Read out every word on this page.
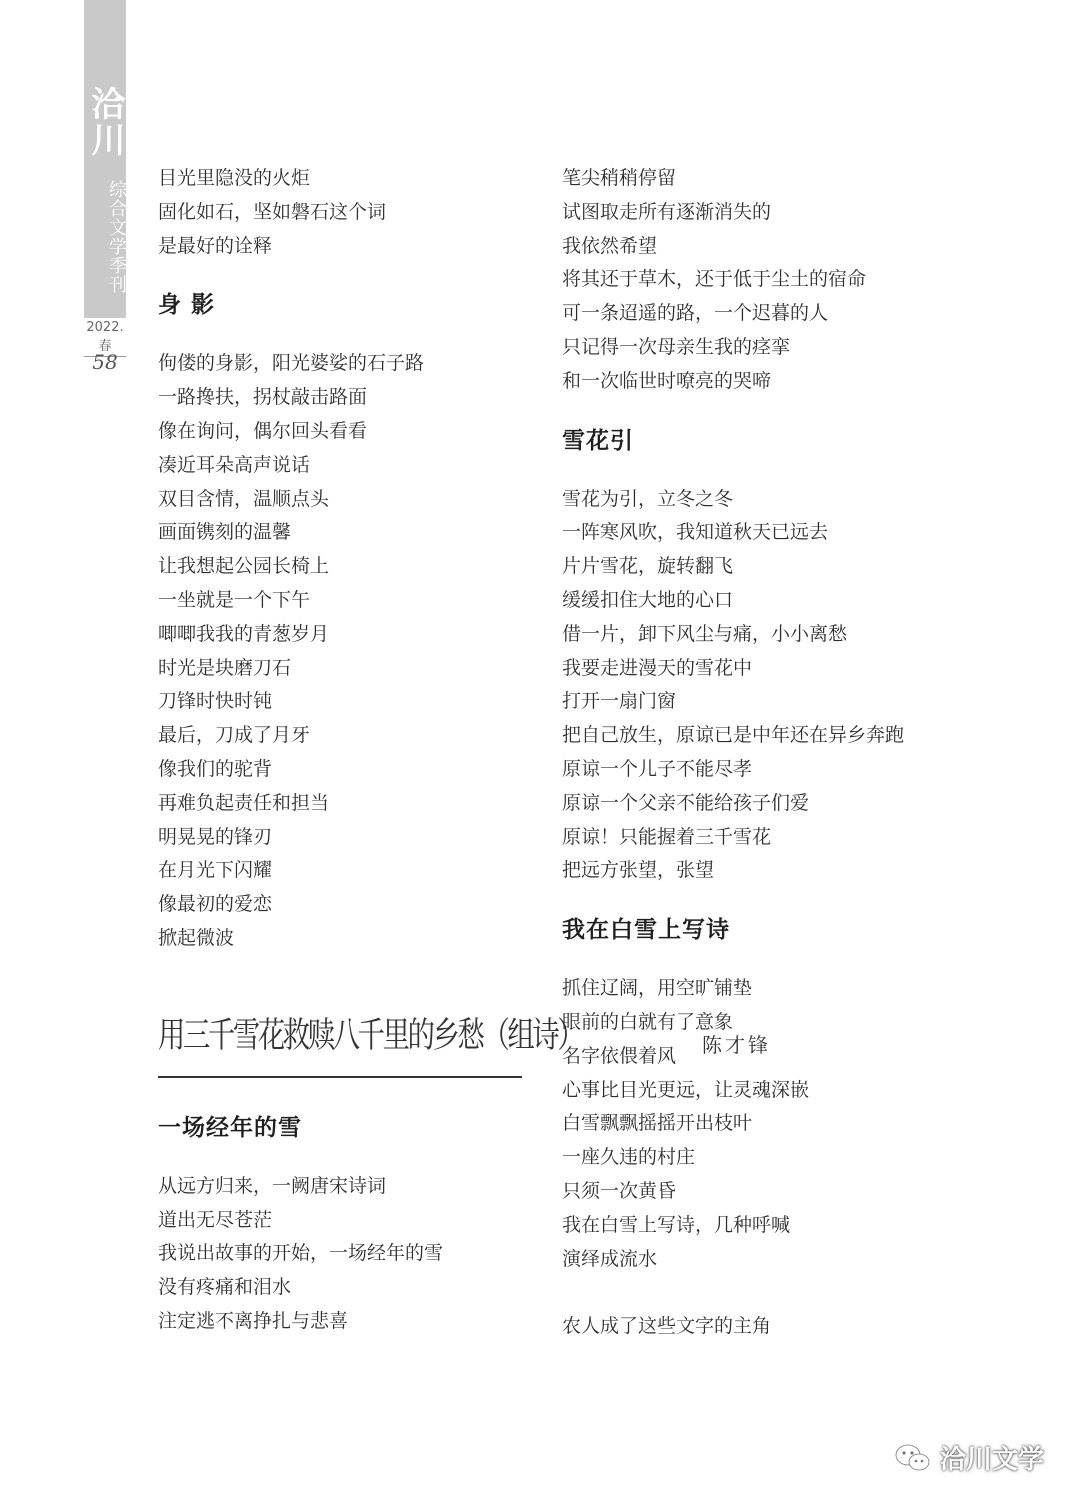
洽川
综合文学季刊
2022.春
58
目光里隐没的火炬
固化如石，坚如磐石这个词
是最好的诠释
身 影
佝偻的身影，阳光婆娑的石子路
一路搀扶，拐杖敲击路面
像在询问，偶尔回头看看
凑近耳朵高声说话
双目含情，温顺点头
画面镌刻的温馨
让我想起公园长椅上
一坐就是一个下午
唧唧我我的青葱岁月
时光是块磨刀石
刀锋时快时钝
最后，刀成了月牙
像我们的驼背
再难负起责任和担当
明晃晃的锋刃
在月光下闪耀
像最初的爱恋
掀起微波
用三千雪花救赎八千里的乡愁（组诗）	陈才锋
一场经年的雪
从远方归来，一阙唐宋诗词
道出无尽苍茫
我说出故事的开始，一场经年的雪
没有疼痛和泪水
注定逃不离挣扎与悲喜
笔尖稍稍停留
试图取走所有逐渐消失的
我依然希望
将其还于草木，还于低于尘土的宿命
可一条迢遥的路，一个迟暮的人
只记得一次母亲生我的痉挛
和一次临世时嘹亮的哭啼
雪花引
雪花为引，立冬之冬
一阵寒风吹，我知道秋天已远去
片片雪花，旋转翻飞
缓缓扣住大地的心口
借一片，卸下风尘与痛，小小离愁
我要走进漫天的雪花中
打开一扇门窗
把自己放生，原谅已是中年还在异乡奔跑
原谅一个儿子不能尽孝
原谅一个父亲不能给孩子们爱
原谅！只能握着三千雪花
把远方张望，张望
我在白雪上写诗
抓住辽阔，用空旷铺垫
眼前的白就有了意象
名字依偎着风
心事比目光更远，让灵魂深嵌
白雪飘飘摇摇开出枝叶
一座久违的村庄
只须一次黄昏
我在白雪上写诗，几种呼喊
演绎成流水
农人成了这些文字的主角
洽川文学
